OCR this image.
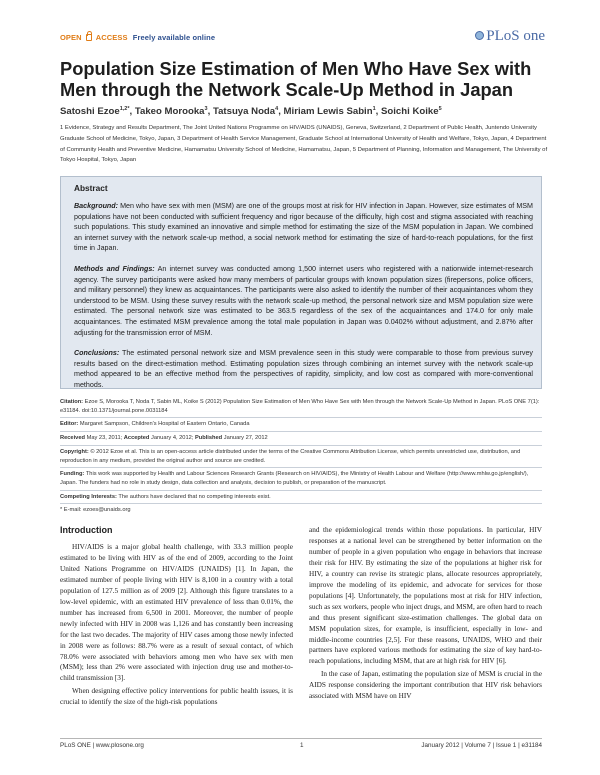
OPEN ACCESS Freely available online	PLoS one
Population Size Estimation of Men Who Have Sex with Men through the Network Scale-Up Method in Japan
Satoshi Ezoe$^{1,2*}$, Takeo Morooka$^3$, Tatsuya Noda$^4$, Miriam Lewis Sabin$^1$, Soichi Koike$^5$
1 Evidence, Strategy and Results Department, The Joint United Nations Programme on HIV/AIDS (UNAIDS), Geneva, Switzerland, 2 Department of Public Health, Juntendo University Graduate School of Medicine, Tokyo, Japan, 3 Department of Health Service Management, Graduate School at International University of Health and Welfare, Tokyo, Japan, 4 Department of Community Health and Preventive Medicine, Hamamatsu University School of Medicine, Hamamatsu, Japan, 5 Department of Planning, Information and Management, The University of Tokyo Hospital, Tokyo, Japan
Abstract

Background: Men who have sex with men (MSM) are one of the groups most at risk for HIV infection in Japan. However, size estimates of MSM populations have not been conducted with sufficient frequency and rigor because of the difficulty, high cost and stigma associated with reaching such populations. This study examined an innovative and simple method for estimating the size of the MSM population in Japan. We combined an internet survey with the network scale-up method, a social network method for estimating the size of hard-to-reach populations, for the first time in Japan.

Methods and Findings: An internet survey was conducted among 1,500 internet users who registered with a nationwide internet-research agency. The survey participants were asked how many members of particular groups with known population sizes (firepersons, police officers, and military personnel) they knew as acquaintances. The participants were also asked to identify the number of their acquaintances whom they understood to be MSM. Using these survey results with the network scale-up method, the personal network size and MSM population size were estimated. The personal network size was estimated to be 363.5 regardless of the sex of the acquaintances and 174.0 for only male acquaintances. The estimated MSM prevalence among the total male population in Japan was 0.0402% without adjustment, and 2.87% after adjusting for the transmission error of MSM.

Conclusions: The estimated personal network size and MSM prevalence seen in this study were comparable to those from previous survey results based on the direct-estimation method. Estimating population sizes through combining an internet survey with the network scale-up method appeared to be an effective method from the perspectives of rapidity, simplicity, and low cost as compared with more-conventional methods.

Citation: Ezoe S, Morooka T, Noda T, Sabin ML, Koike S (2012) Population Size Estimation of Men Who Have Sex with Men through the Network Scale-Up Method in Japan. PLoS ONE 7(1): e31184. doi:10.1371/journal.pone.0031184
Editor: Margaret Sampson, Children's Hospital of Eastern Ontario, Canada
Received May 23, 2011; Accepted January 4, 2012; Published January 27, 2012
Copyright: © 2012 Ezoe et al. This is an open-access article distributed under the terms of the Creative Commons Attribution License, which permits unrestricted use, distribution, and reproduction in any medium, provided the original author and source are credited.
Funding: This work was supported by Health and Labour Sciences Research Grants (Research on HIV/AIDS), the Ministry of Health Labour and Welfare (http://www.mhlw.go.jp/english/), Japan. The funders had no role in study design, data collection and analysis, decision to publish, or preparation of the manuscript.
Competing Interests: The authors have declared that no competing interests exist.
* E-mail: ezoes@unaids.org
Introduction

HIV/AIDS is a major global health challenge, with 33.3 million people estimated to be living with HIV as of the end of 2009, according to the Joint United Nations Programme on HIV/AIDS (UNAIDS) [1]. In Japan, the estimated number of people living with HIV is 8,100 in a country with a total population of 127.5 million as of 2009 [2]. Although this figure translates to a low-level epidemic, with an estimated HIV prevalence of less than 0.01%, the number has increased from 6,500 in 2001. Moreover, the number of people newly infected with HIV in 2008 was 1,126 and has constantly been increasing for the last two decades. The majority of HIV cases among those newly infected in 2008 were as follows: 88.7% were as a result of sexual contact, of which 78.0% were associated with behaviors among men who have sex with men (MSM); less than 2% were associated with injection drug use and mother-to-child transmission [3].

When designing effective policy interventions for public health issues, it is crucial to identify the size of the high-risk populations

and the epidemiological trends within those populations. In particular, HIV responses at a national level can be strengthened by better information on the number of people in a given population who engage in behaviors that increase their risk for HIV. By estimating the size of the populations at higher risk for HIV, a country can revise its strategic plans, allocate resources appropriately, improve the modeling of its epidemic, and advocate for services for those populations [4]. Unfortunately, the populations most at risk for HIV infection, such as sex workers, people who inject drugs, and MSM, are often hard to reach and thus present significant size-estimation challenges. The global data on MSM population sizes, for example, is insufficient, especially in low- and middle-income countries [2,5]. For these reasons, UNAIDS, WHO and their partners have explored various methods for estimating the size of key hard-to-reach populations, including MSM, that are at high risk for HIV [6].

In the case of Japan, estimating the population size of MSM is crucial in the AIDS response considering the important contribution that HIV risk behaviors associated with MSM have on HIV

PLoS ONE | www.plosone.org	1	January 2012 | Volume 7 | Issue 1 | e31184
